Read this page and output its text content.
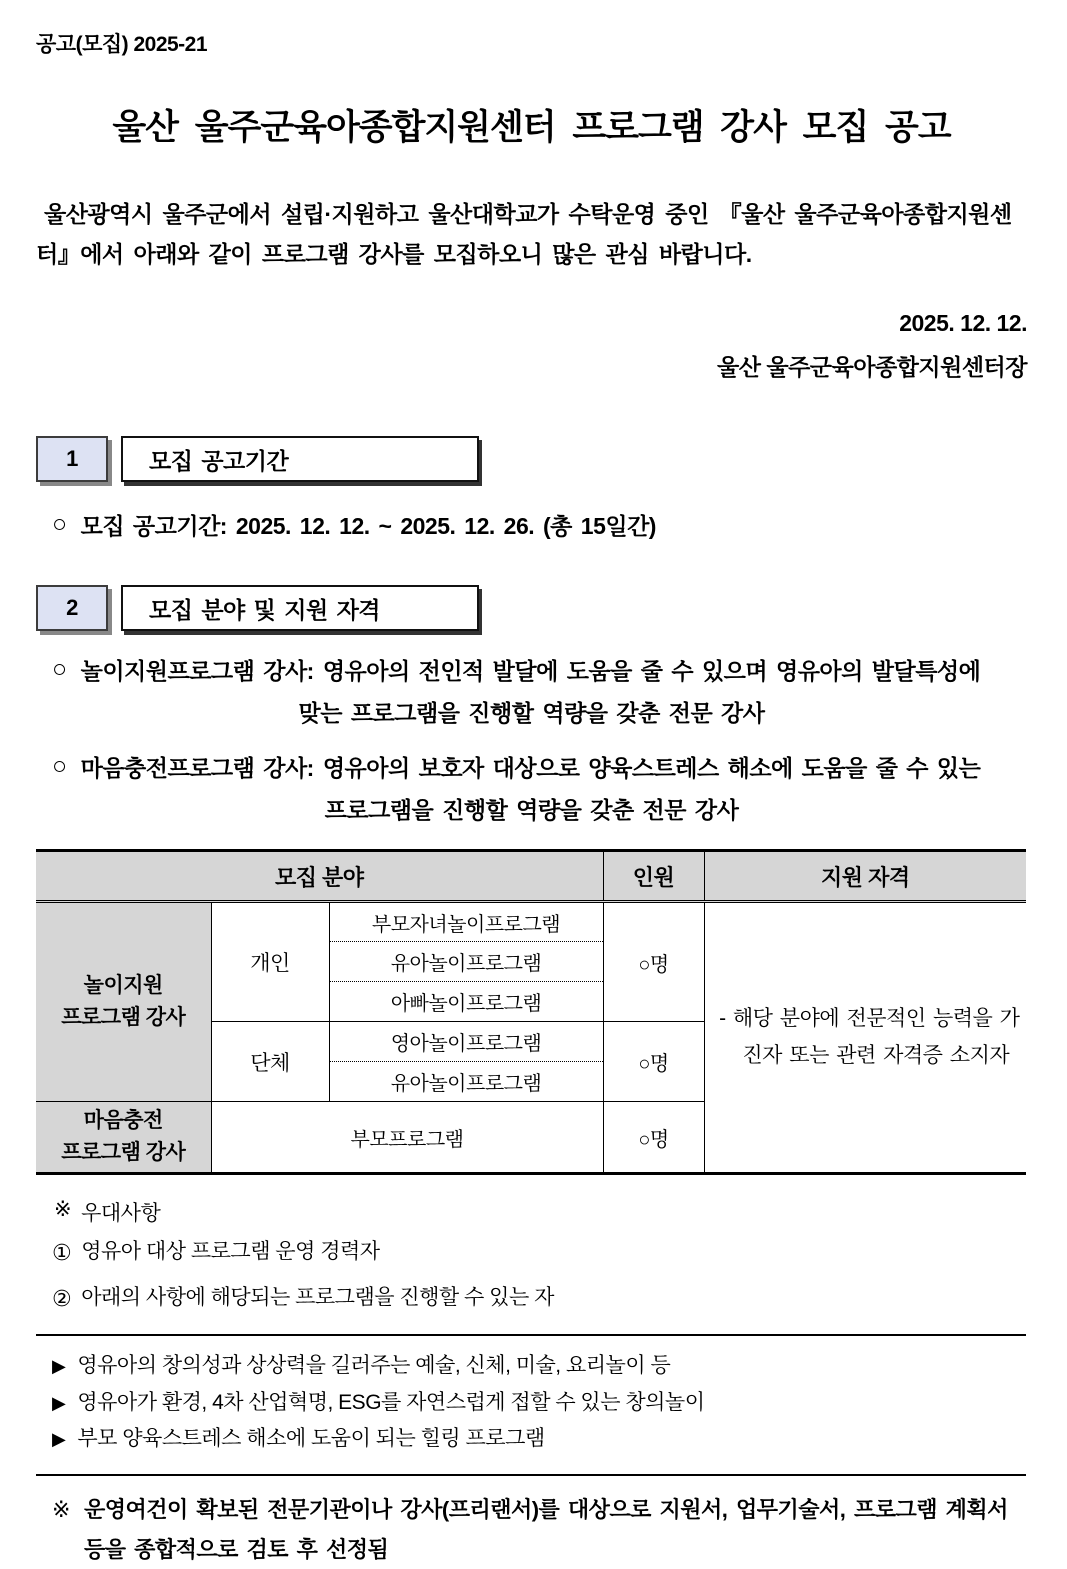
공고(모집) 2025-21
울산 울주군육아종합지원센터 프로그램 강사 모집 공고
울산광역시 울주군에서 설립·지원하고 울산대학교가 수탁운영 중인 『울산 울주군육아종합지원센터』에서 아래와 같이 프로그램 강사를 모집하오니 많은 관심 바랍니다.
2025. 12. 12.
울산 울주군육아종합지원센터장
1	모집 공고기간
○ 모집 공고기간: 2025. 12. 12. ~ 2025. 12. 26. (총 15일간)
2	모집 분야 및 지원 자격
○ 놀이지원프로그램 강사: 영유아의 전인적 발달에 도움을 줄 수 있으며 영유아의 발달특성에
맞는 프로그램을 진행할 역량을 갖춘 전문 강사
○ 마음충전프로그램 강사: 영유아의 보호자 대상으로 양육스트레스 해소에 도움을 줄 수 있는
프로그램을 진행할 역량을 갖춘 전문 강사
모집 분야			인원	지원 자격

놀이지원
프로그램 강사	개인	부모자녀놀이프로그램	○명	- 해당 분야에 전문적인 능력을 가진자 또는 관련 자격증 소지자

		유아놀이프로그램		
		아빠놀이프로그램		
	단체	영아놀이프로그램	○명	
		유아놀이프로그램		

마음충전
프로그램 강사	부모프로그램		○명	
※ 우대사항
① 영유아 대상 프로그램 운영 경력자
② 아래의 사항에 해당되는 프로그램을 진행할 수 있는 자
▶ 영유아의 창의성과 상상력을 길러주는 예술, 신체, 미술, 요리놀이 등
▶ 영유아가 환경, 4차 산업혁명, ESG를 자연스럽게 접할 수 있는 창의놀이
▶ 부모 양육스트레스 해소에 도움이 되는 힐링 프로그램
※ 운영여건이 확보된 전문기관이나 강사(프리랜서)를 대상으로 지원서, 업무기술서, 프로그램 계획서 등을 종합적으로 검토 후 선정됨
